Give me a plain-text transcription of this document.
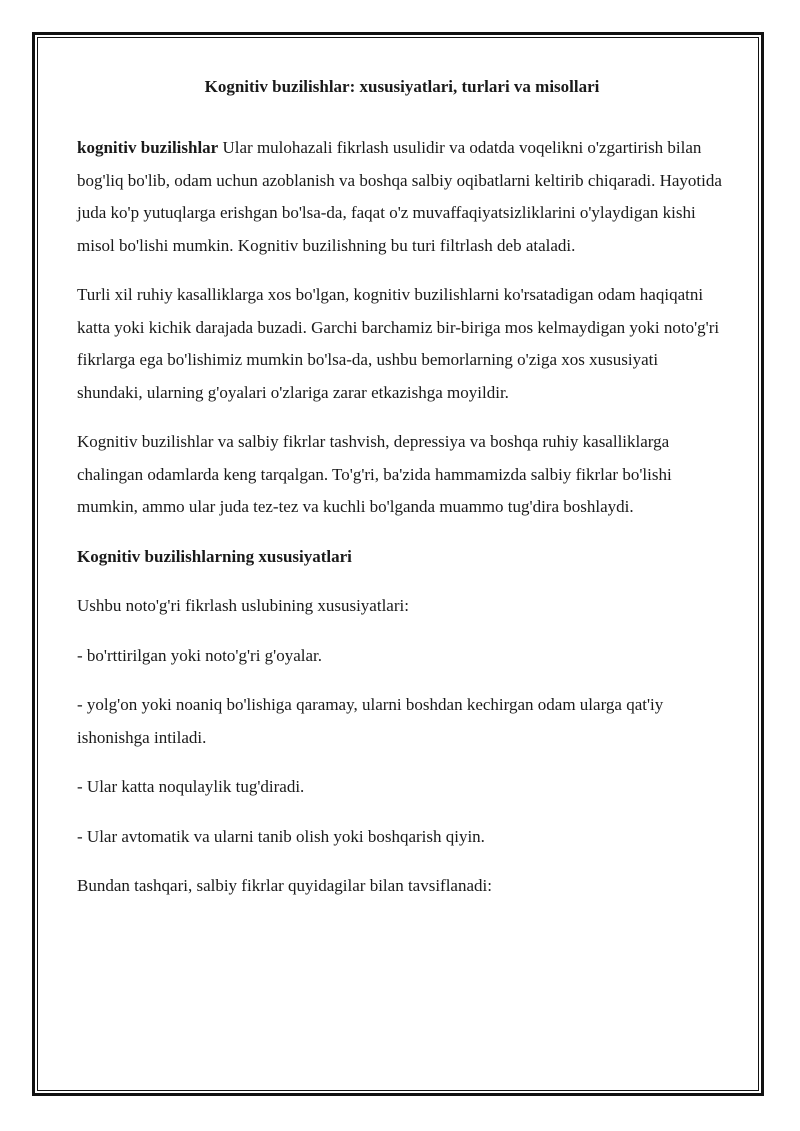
Kognitiv buzilishlar: xususiyatlari, turlari va misollari

kognitiv buzilishlar Ular mulohazali fikrlash usulidir va odatda voqelikni o'zgartirish bilan bog'liq bo'lib, odam uchun azoblanish va boshqa salbiy oqibatlarni keltirib chiqaradi. Hayotida juda ko'p yutuqlarga erishgan bo'lsa-da, faqat o'z muvaffaqiyatsizliklarini o'ylaydigan kishi misol bo'lishi mumkin. Kognitiv buzilishning bu turi filtrlash deb ataladi.

Turli xil ruhiy kasalliklarga xos bo'lgan, kognitiv buzilishlarni ko'rsatadigan odam haqiqatni katta yoki kichik darajada buzadi. Garchi barchamiz bir-biriga mos kelmaydigan yoki noto'g'ri fikrlarga ega bo'lishimiz mumkin bo'lsa-da, ushbu bemorlarning o'ziga xos xususiyati shundaki, ularning g'oyalari o'zlariga zarar etkazishga moyildir.

Kognitiv buzilishlar va salbiy fikrlar tashvish, depressiya va boshqa ruhiy kasalliklarga chalingan odamlarda keng tarqalgan. To'g'ri, ba'zida hammamizda salbiy fikrlar bo'lishi mumkin, ammo ular juda tez-tez va kuchli bo'lganda muammo tug'dira boshlaydi.

Kognitiv buzilishlarning xususiyatlari

Ushbu noto'g'ri fikrlash uslubining xususiyatlari:

- bo'rttirilgan yoki noto'g'ri g'oyalar.

- yolg'on yoki noaniq bo'lishiga qaramay, ularni boshdan kechirgan odam ularga qat'iy ishonishga intiladi.

- Ular katta noqulaylik tug'diradi.

- Ular avtomatik va ularni tanib olish yoki boshqarish qiyin.

Bundan tashqari, salbiy fikrlar quyidagilar bilan tavsiflanadi:
